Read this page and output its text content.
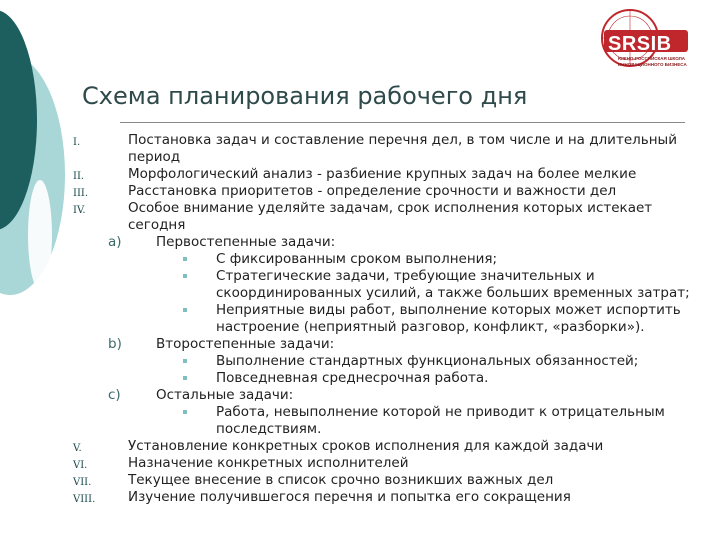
SRSIB
ЮЖНО-РОССИЙСКАЯ ШКОЛА ИННОВАЦИОННОГО БИЗНЕСА
Схема планирования рабочего дня
I.	Постановка задач и составление перечня дел, в том числе и на длительный период
II.	Морфологический анализ - разбиение крупных задач на более мелкие
III.	Расстановка приоритетов - определение срочности и важности дел
IV.	Особое внимание уделяйте задачам, срок исполнения которых истекает сегодня
a)	Первостепенные задачи:
С фиксированным сроком выполнения;
Стратегические задачи, требующие значительных и скоординированных усилий, а также больших временных затрат;
Неприятные виды работ, выполнение которых может испортить настроение (неприятный разговор, конфликт, «разборки»).
b)	Второстепенные задачи:
Выполнение стандартных функциональных обязанностей;
Повседневная среднесрочная работа.
c)	Остальные задачи:
Работа, невыполнение которой не приводит к отрицательным последствиям.
V.	Установление конкретных сроков исполнения для каждой задачи
VI.	Назначение конкретных исполнителей
VII.	Текущее внесение в список срочно возникших важных дел
VIII. Изучение получившегося перечня и попытка его сокращения
